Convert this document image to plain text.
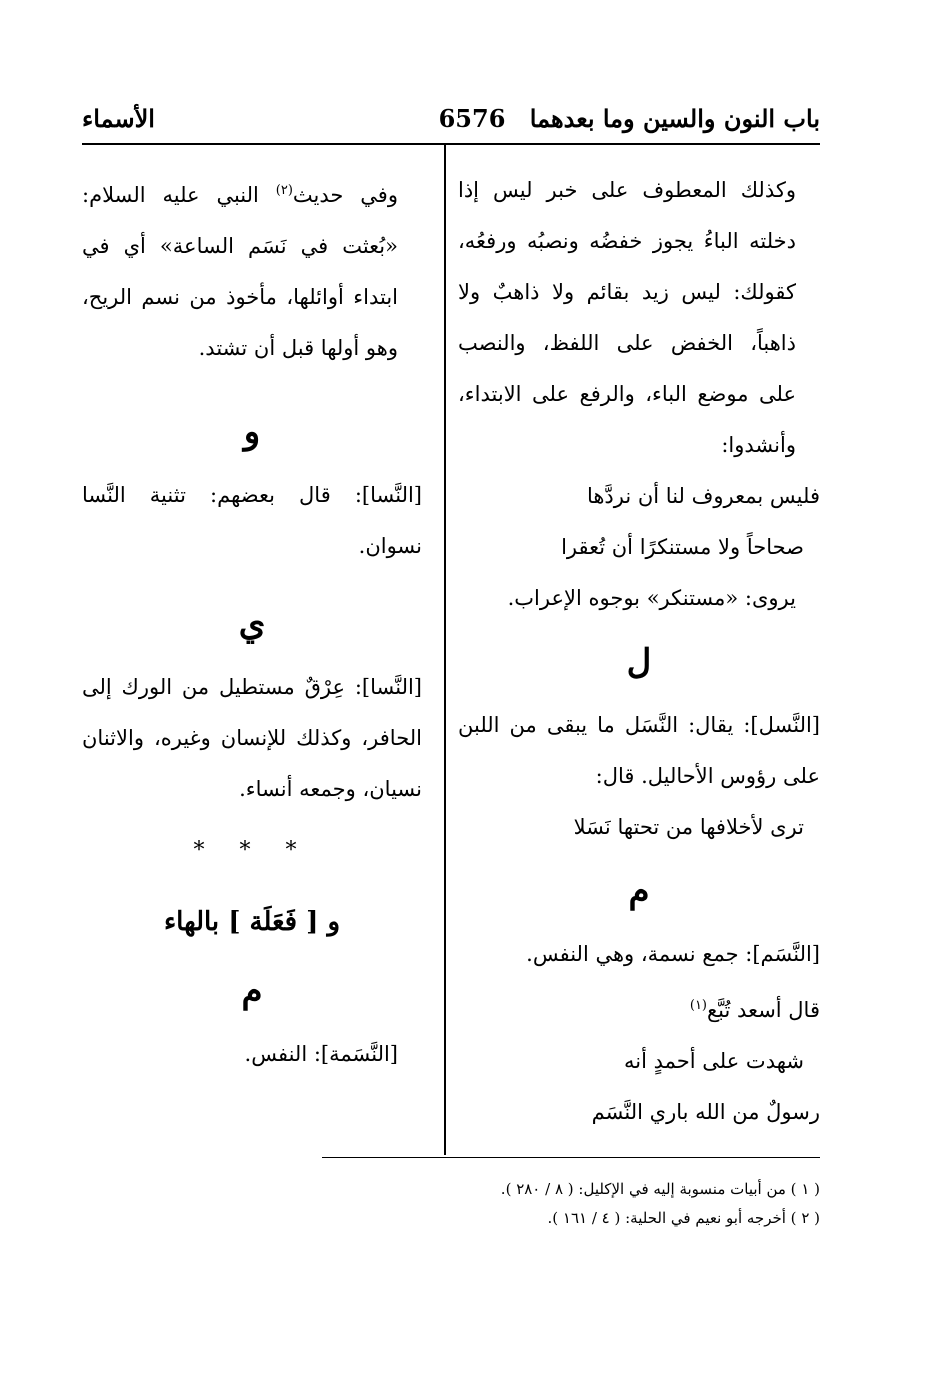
باب النون والسين وما بعدهما
6576
الأسماء

وكذلك المعطوف على خبر ليس إذا دخلته الباءُ يجوز خفضُه ونصبُه ورفعُه، كقولك: ليس زيد بقائم ولا ذاهبٌ ولا ذاهباً، الخفض على اللفظ، والنصب على موضع الباء، والرفع على الابتداء، وأنشدوا:

فليس بمعروف لنا أن نردَّها

صحاحاً ولا مستنكرًا أن تُعقرا

يروى: «مستنكر» بوجوه الإعراب.

ل

[النَّسل]: يقال: النَّسَل ما يبقى من اللبن على رؤوس الأحاليل. قال:

ترى لأخلافها من تحتها نَسَلا

م

[النَّسَم]: جمع نسمة، وهي النفس.

قال أسعد تُبَّع$^{(١)}$

شهدت على أحمدٍ أنه

رسولٌ من الله باري النَّسَم

وفي حديث$^{(٢)}$ النبي عليه السلام: «بُعثت في نَسَم الساعة» أي في ابتداء أوائلها، مأخوذ من نسم الريح، وهو أولها قبل أن تشتد.

و

[النَّسا]: قال بعضهم: تثنية النَّسا نسوان.

ي

[النَّسا]: عِرْقٌ مستطيل من الورك إلى الحافر، وكذلك للإنسان وغيره، والاثنان نسيان، وجمعه أنساء.

* * *
و [ فَعَلَة ] بالهاء
م

[النَّسَمة]: النفس.

( ١ ) من أبيات منسوبة إليه في الإكليل: ( ٨ / ٢٨٠ ).

( ٢ ) أخرجه أبو نعيم في الحلية: ( ٤ / ١٦١ ).
